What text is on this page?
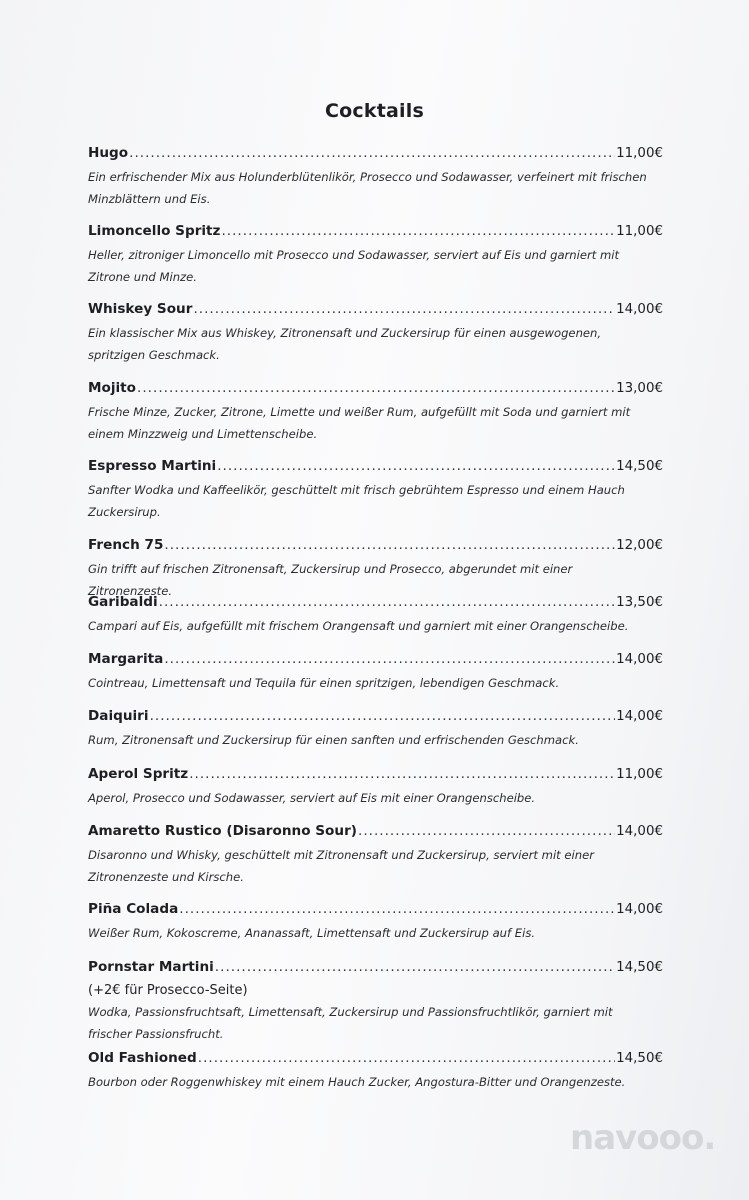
Cocktails
Hugo .....	11,00€
Ein erfrischender Mix aus Holunderblütenlikör, Prosecco und Sodawasser, verfeinert mit frischen Minzblättern und Eis.
Limoncello Spritz .....	11,00€
Heller, zitroniger Limoncello mit Prosecco und Sodawasser, serviert auf Eis und garniert mit Zitrone und Minze.
Whiskey Sour .....	14,00€
Ein klassischer Mix aus Whiskey, Zitronensaft und Zuckersirup für einen ausgewogenen, spritzigen Geschmack.
Mojito .....	13,00€
Frische Minze, Zucker, Zitrone, Limette und weißer Rum, aufgefüllt mit Soda und garniert mit einem Minzzweig und Limettenscheibe.
Espresso Martini .....	14,50€
Sanfter Wodka und Kaffeelikör, geschüttelt mit frisch gebrühtem Espresso und einem Hauch Zuckersirup.
French 75 .....	12,00€
Gin trifft auf frischen Zitronensaft, Zuckersirup und Prosecco, abgerundet mit einer Zitronenzeste.
Garibaldi .....	13,50€
Campari auf Eis, aufgefüllt mit frischem Orangensaft und garniert mit einer Orangenscheibe.
Margarita .....	14,00€
Cointreau, Limettensaft und Tequila für einen spritzigen, lebendigen Geschmack.
Daiquiri .....	14,00€
Rum, Zitronensaft und Zuckersirup für einen sanften und erfrischenden Geschmack.
Aperol Spritz .....	11,00€
Aperol, Prosecco und Sodawasser, serviert auf Eis mit einer Orangenscheibe.
Amaretto Rustico (Disaronno Sour) .....	14,00€
Disaronno und Whisky, geschüttelt mit Zitronensaft und Zuckersirup, serviert mit einer Zitronenzeste und Kirsche.
Piña Colada .....	14,00€
Weißer Rum, Kokoscreme, Ananassaft, Limettensaft und Zuckersirup auf Eis.
Pornstar Martini .....	14,50€
(+2€ für Prosecco-Seite)
Wodka, Passionsfruchtsaft, Limettensaft, Zuckersirup und Passionsfruchtlikör, garniert mit frischer Passionsfrucht.
Old Fashioned .....	14,50€
Bourbon oder Roggenwhiskey mit einem Hauch Zucker, Angostura-Bitter und Orangenzeste.
navooo.
